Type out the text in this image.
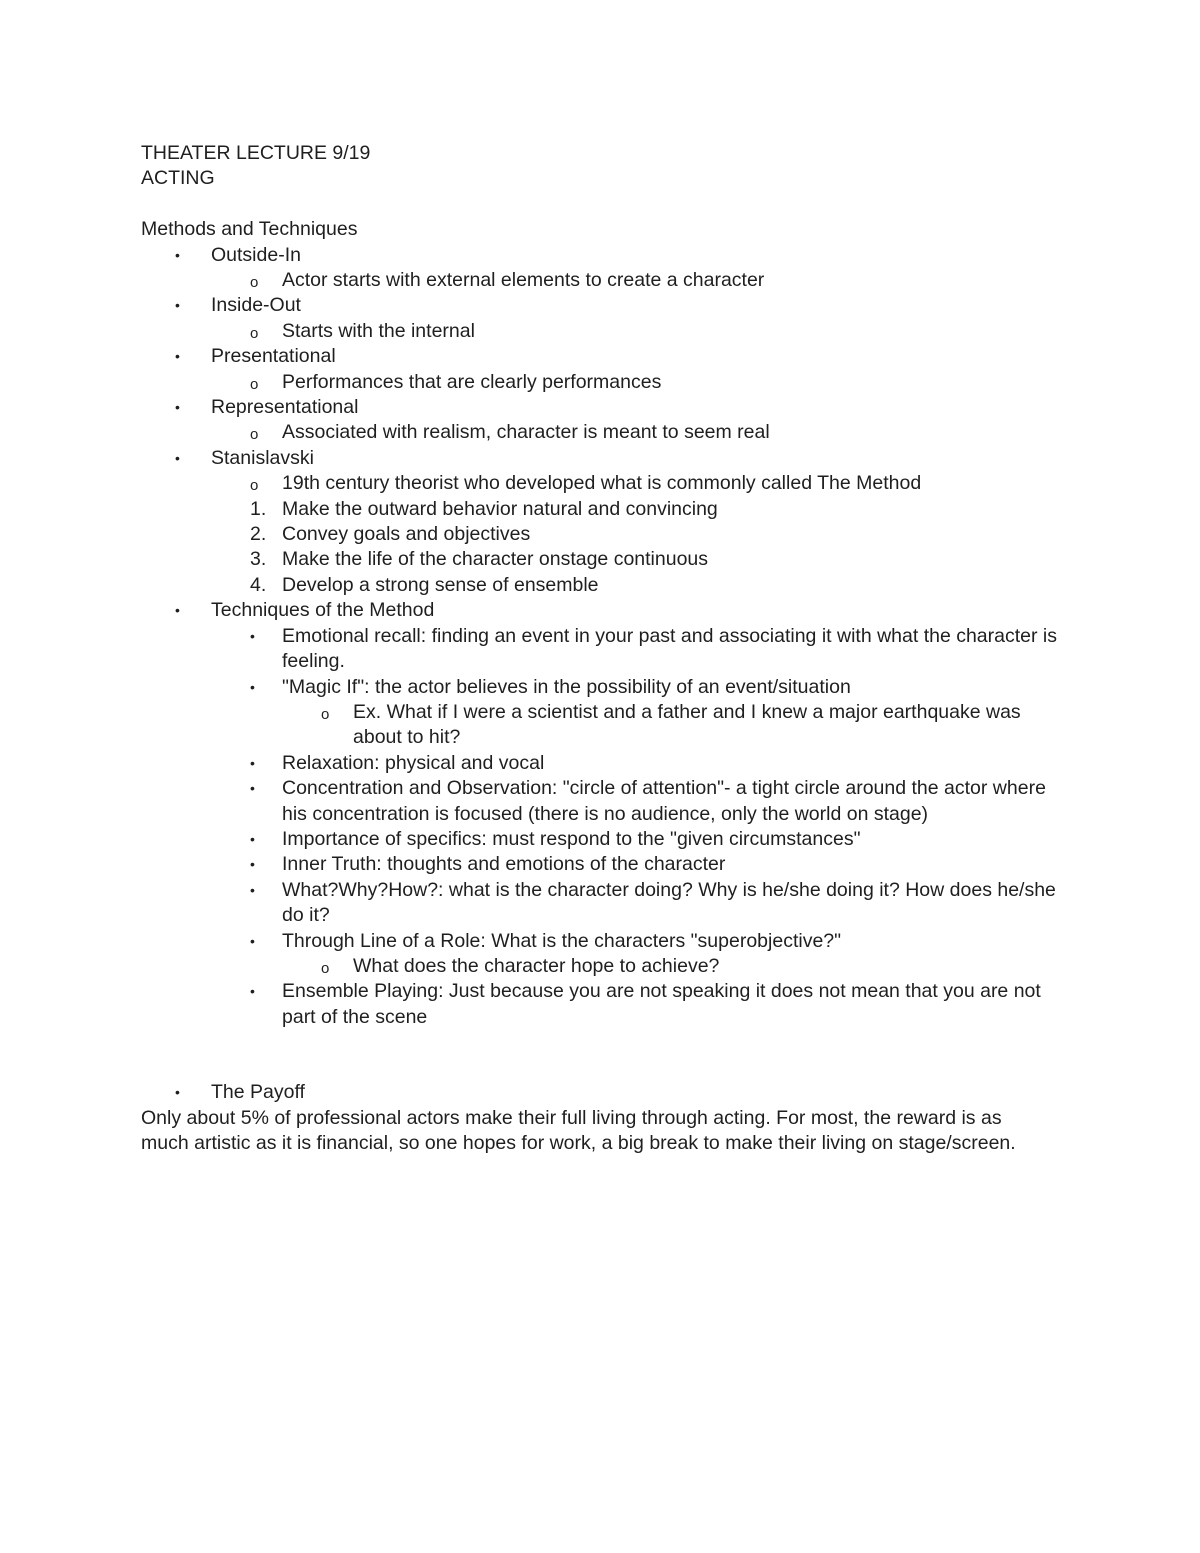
THEATER LECTURE 9/19
ACTING
Methods and Techniques
• Outside-In
o Actor starts with external elements to create a character
• Inside-Out
o Starts with the internal
• Presentational
o Performances that are clearly performances
• Representational
o Associated with realism, character is meant to seem real
• Stanislavski
o 19th century theorist who developed what is commonly called The Method
1. Make the outward behavior natural and convincing
2. Convey goals and objectives
3. Make the life of the character onstage continuous
4. Develop a strong sense of ensemble
• Techniques of the Method
• Emotional recall: finding an event in your past and associating it with what the character is feeling.
• "Magic If": the actor believes in the possibility of an event/situation
o Ex. What if I were a scientist and a father and I knew a major earthquake was about to hit?
• Relaxation: physical and vocal
• Concentration and Observation: "circle of attention"- a tight circle around the actor where his concentration is focused (there is no audience, only the world on stage)
• Importance of specifics: must respond to the "given circumstances"
• Inner Truth: thoughts and emotions of the character
• What?Why?How?: what is the character doing? Why is he/she doing it? How does he/she do it?
• Through Line of a Role: What is the characters "superobjective?"
o What does the character hope to achieve?
• Ensemble Playing: Just because you are not speaking it does not mean that you are not part of the scene
• The Payoff
Only about 5% of professional actors make their full living through acting. For most, the reward is as much artistic as it is financial, so one hopes for work, a big break to make their living on stage/screen.
